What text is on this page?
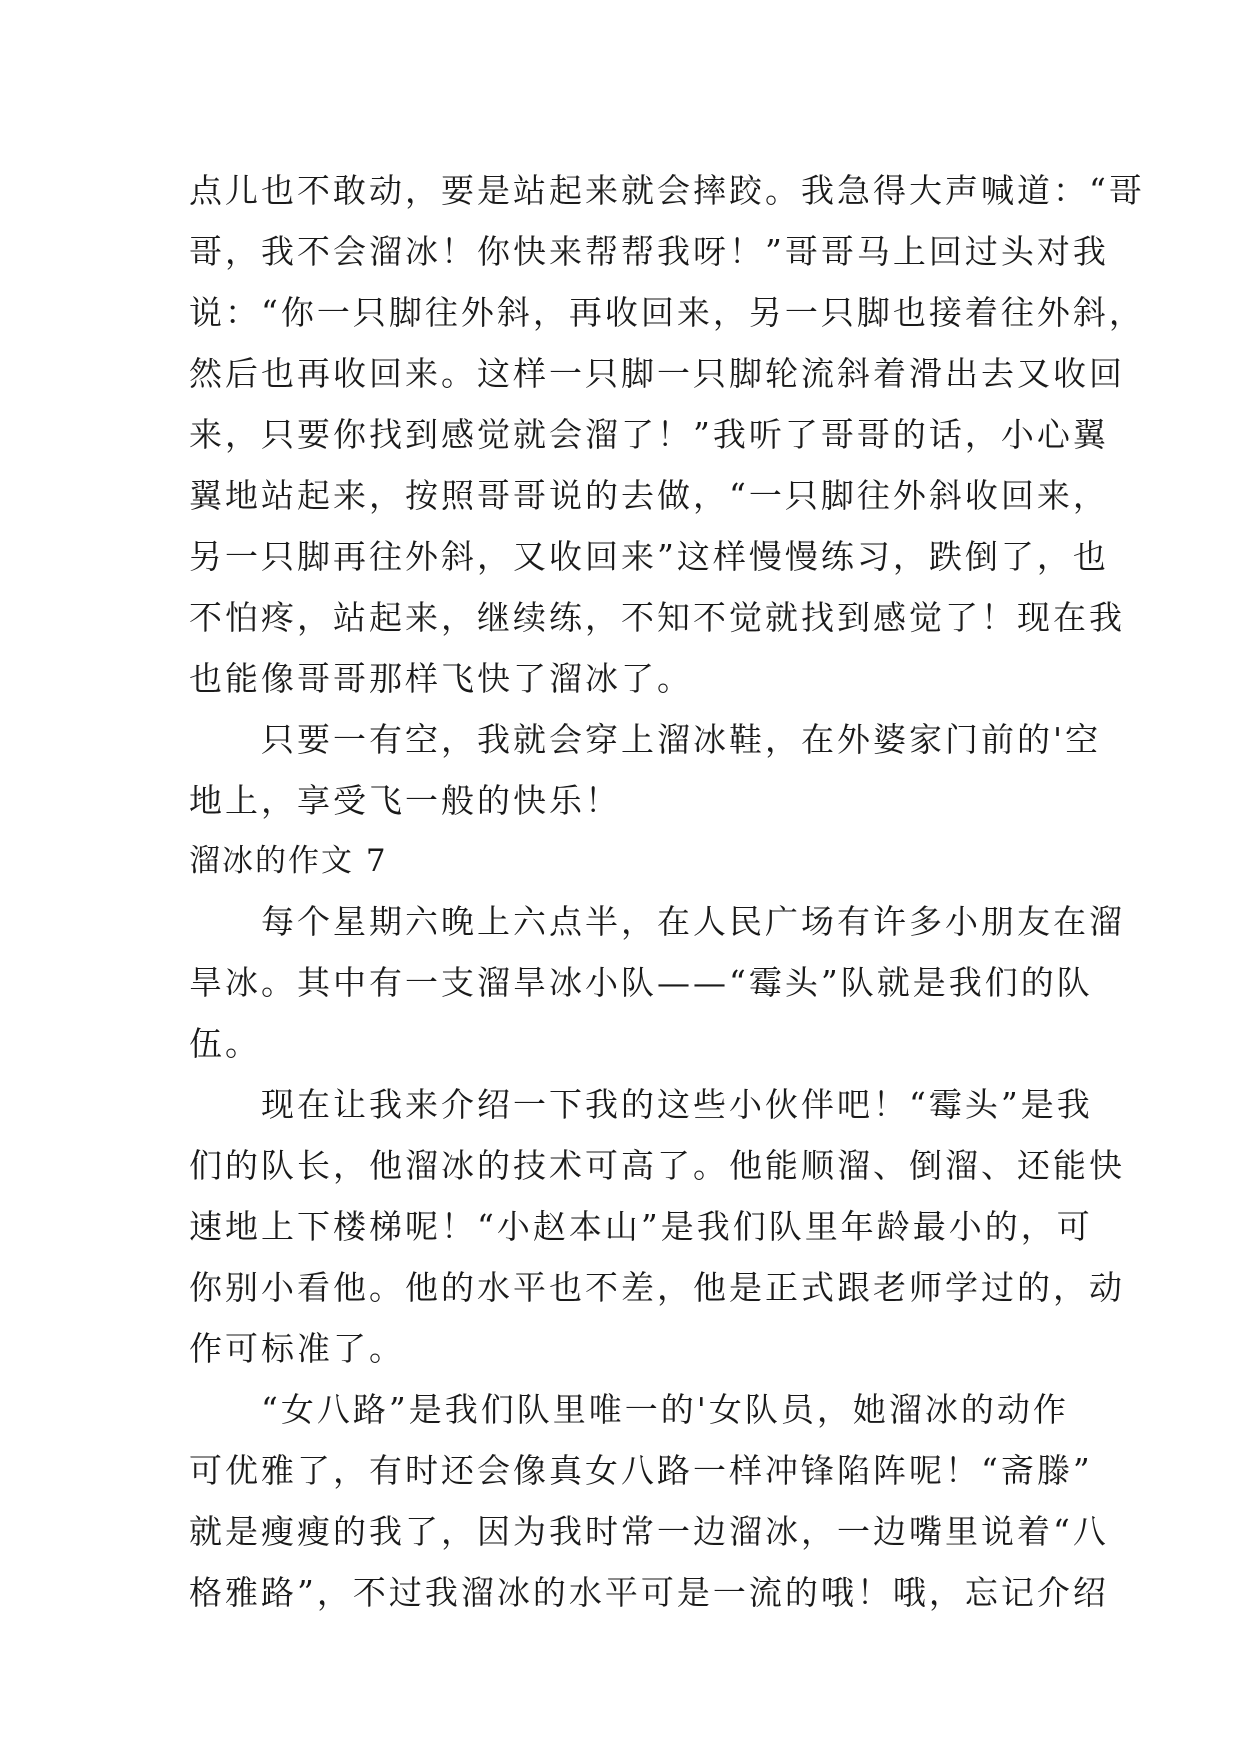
点儿也不敢动，要是站起来就会摔跤。我急得大声喊道：“哥
哥，我不会溜冰！你快来帮帮我呀！”哥哥马上回过头对我
说：“你一只脚往外斜，再收回来，另一只脚也接着往外斜，
然后也再收回来。这样一只脚一只脚轮流斜着滑出去又收回
来，只要你找到感觉就会溜了！”我听了哥哥的话，小心翼
翼地站起来，按照哥哥说的去做，“一只脚往外斜收回来，
另一只脚再往外斜，又收回来”这样慢慢练习，跌倒了，也
不怕疼，站起来，继续练，不知不觉就找到感觉了！现在我
也能像哥哥那样飞快了溜冰了。
　　只要一有空，我就会穿上溜冰鞋，在外婆家门前的'空
地上，享受飞一般的快乐！
溜冰的作文 7
　　每个星期六晚上六点半，在人民广场有许多小朋友在溜
旱冰。其中有一支溜旱冰小队——“霉头”队就是我们的队
伍。
　　现在让我来介绍一下我的这些小伙伴吧！“霉头”是我
们的队长，他溜冰的技术可高了。他能顺溜、倒溜、还能快
速地上下楼梯呢！“小赵本山”是我们队里年龄最小的，可
你别小看他。他的水平也不差，他是正式跟老师学过的，动
作可标准了。
　　“女八路”是我们队里唯一的'女队员，她溜冰的动作
可优雅了，有时还会像真女八路一样冲锋陷阵呢！“斋滕”
就是瘦瘦的我了，因为我时常一边溜冰，一边嘴里说着“八
格雅路”，不过我溜冰的水平可是一流的哦！哦，忘记介绍
